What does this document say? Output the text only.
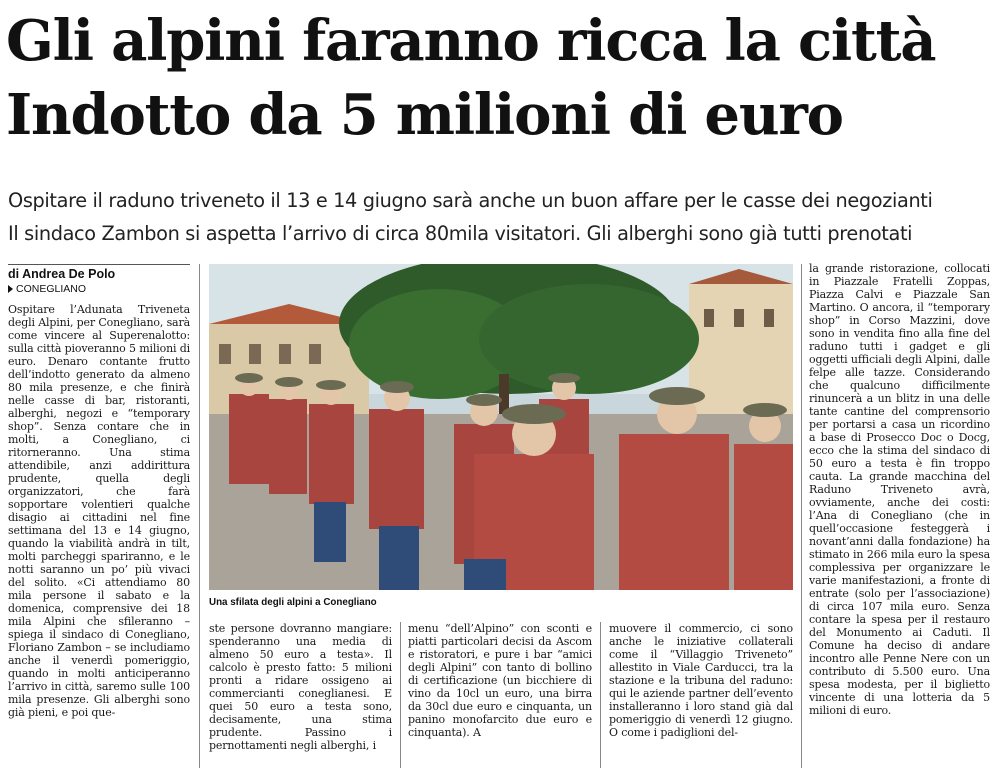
Gli alpini faranno ricca la città
Indotto da 5 milioni di euro
Ospitare il raduno triveneto il 13 e 14 giugno sarà anche un buon affare per le casse dei negozianti
Il sindaco Zambon si aspetta l’arrivo di circa 80mila visitatori. Gli alberghi sono già tutti prenotati
di Andrea De Polo
CONEGLIANO

Ospitare l’Adunata Triveneta degli Alpini, per Conegliano, sarà come vincere al Superenalotto: sulla città pioveranno 5 milioni di euro. Denaro contante frutto dell’indotto generato da almeno 80 mila presenze, e che finirà nelle casse di bar, ristoranti, alberghi, negozi e “temporary shop”. Senza contare che in molti, a Conegliano, ci ritorneranno. Una stima attendibile, anzi addirittura prudente, quella degli organizzatori, che farà sopportare volentieri qualche disagio ai cittadini nel fine settimana del 13 e 14 giugno, quando la viabilità andrà in tilt, molti parcheggi spariranno, e le notti saranno un po’ più vivaci del solito. «Ci attendiamo 80 mila persone il sabato e la domenica, comprensive dei 18 mila Alpini che sfileranno – spiega il sindaco di Conegliano, Floriano Zambon – se includiamo anche il venerdì pomeriggio, quando in molti anticiperanno l’arrivo in città, saremo sulle 100 mila presenze. Gli alberghi sono già pieni, e poi que-

Una sfilata degli alpini a Conegliano

ste persone dovranno mangiare: spenderanno una media di almeno 50 euro a testa». Il calcolo è presto fatto: 5 milioni pronti a ridare ossigeno ai commercianti coneglianesi. E quei 50 euro a testa sono, decisamente, una stima prudente. Passino i pernottamenti negli alberghi, i

menu “dell’Alpino” con sconti e piatti particolari decisi da Ascom e ristoratori, e pure i bar “amici degli Alpini” con tanto di bollino di certificazione (un bicchiere di vino da 10cl un euro, una birra da 30cl due euro e cinquanta, un panino monofarcito due euro e cinquanta). A

muovere il commercio, ci sono anche le iniziative collaterali come il “Villaggio Triveneto” allestito in Viale Carducci, tra la stazione e la tribuna del raduno: qui le aziende partner dell’evento installeranno i loro stand già dal pomeriggio di venerdì 12 giugno. O come i padiglioni del-

la grande ristorazione, collocati in Piazzale Fratelli Zoppas, Piazza Calvi e Piazzale San Martino. O ancora, il “temporary shop” in Corso Mazzini, dove sono in vendita fino alla fine del raduno tutti i gadget e gli oggetti ufficiali degli Alpini, dalle felpe alle tazze. Considerando che qualcuno difficilmente rinuncerà a un blitz in una delle tante cantine del comprensorio per portarsi a casa un ricordino a base di Prosecco Doc o Docg, ecco che la stima del sindaco di 50 euro a testa è fin troppo cauta. La grande macchina del Raduno Triveneto avrà, ovviamente, anche dei costi: l’Ana di Conegliano (che in quell’occasione festeggerà i novant’anni dalla fondazione) ha stimato in 266 mila euro la spesa complessiva per organizzare le varie manifestazioni, a fronte di entrate (solo per l’associazione) di circa 107 mila euro. Senza contare la spesa per il restauro del Monumento ai Caduti. Il Comune ha deciso di andare incontro alle Penne Nere con un contributo di 5.500 euro. Una spesa modesta, per il biglietto vincente di una lotteria da 5 milioni di euro.
